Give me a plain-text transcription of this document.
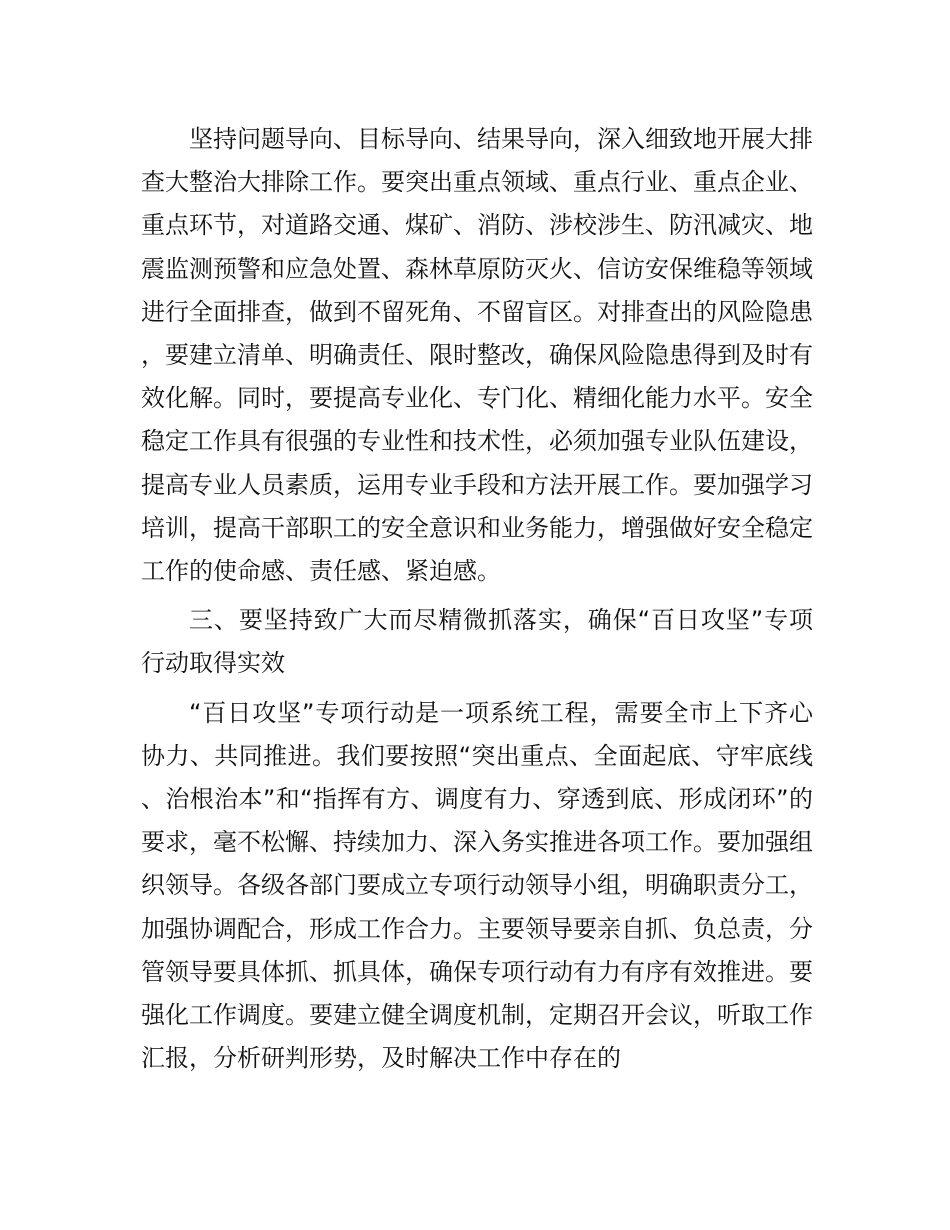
坚持问题导向、目标导向、结果导向，深入细致地开展大排查大整治大排除工作。要突出重点领域、重点行业、重点企业、重点环节，对道路交通、煤矿、消防、涉校涉生、防汛减灾、地震监测预警和应急处置、森林草原防灭火、信访安保维稳等领域进行全面排查，做到不留死角、不留盲区。对排查出的风险隐患，要建立清单、明确责任、限时整改，确保风险隐患得到及时有效化解。同时，要提高专业化、专门化、精细化能力水平。安全稳定工作具有很强的专业性和技术性，必须加强专业队伍建设，提高专业人员素质，运用专业手段和方法开展工作。要加强学习培训，提高干部职工的安全意识和业务能力，增强做好安全稳定工作的使命感、责任感、紧迫感。

三、要坚持致广大而尽精微抓落实，确保“百日攻坚”专项行动取得实效

“百日攻坚”专项行动是一项系统工程，需要全市上下齐心协力、共同推进。我们要按照“突出重点、全面起底、守牢底线、治根治本”和“指挥有方、调度有力、穿透到底、形成闭环”的要求，毫不松懈、持续加力、深入务实推进各项工作。要加强组织领导。各级各部门要成立专项行动领导小组，明确职责分工，加强协调配合，形成工作合力。主要领导要亲自抓、负总责，分管领导要具体抓、抓具体，确保专项行动有力有序有效推进。要强化工作调度。要建立健全调度机制，定期召开会议，听取工作汇报，分析研判形势，及时解决工作中存在的
